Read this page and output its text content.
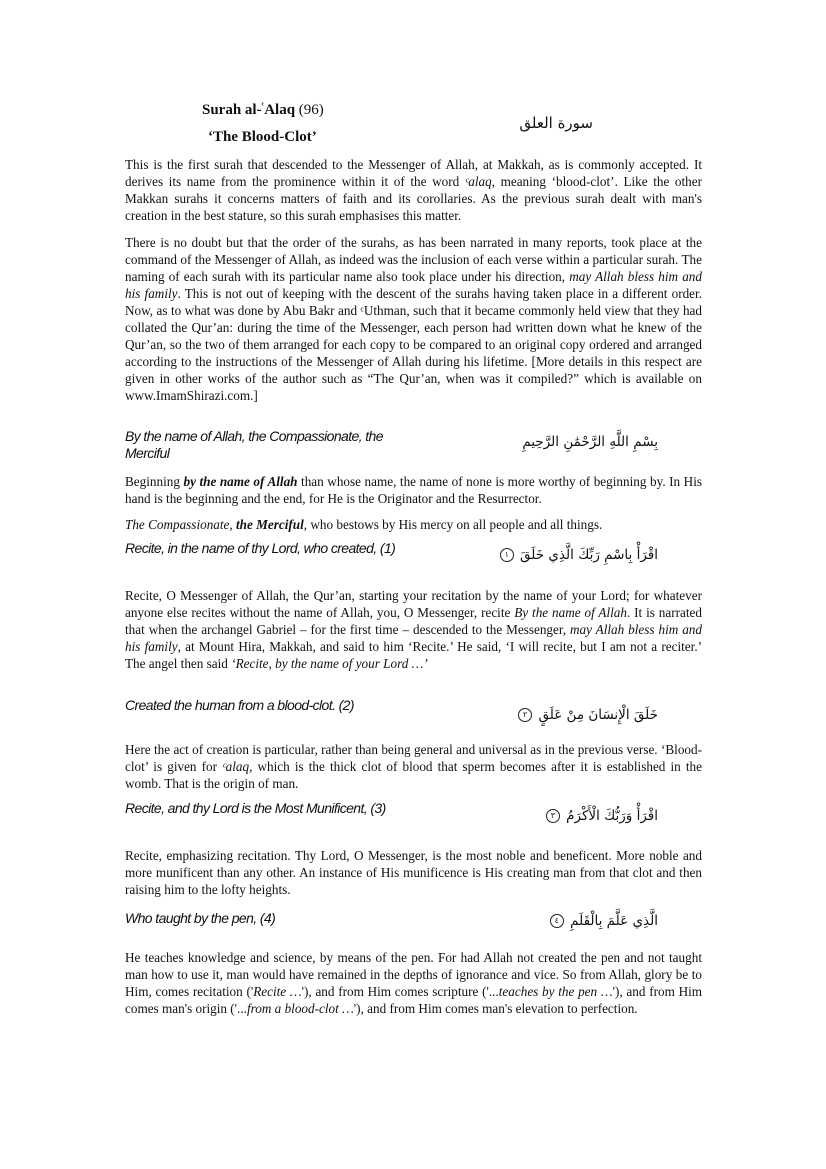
Surah al-$^ᶜ$Alaq (96)
‘The Blood-Clot’
سورة العلق
This is the first surah that descended to the Messenger of Allah, at Makkah, as is commonly accepted. It derives its name from the prominence within it of the word ᶜalaq, meaning ‘blood-clot’. Like the other Makkan surahs it concerns matters of faith and its corollaries. As the previous surah dealt with man's creation in the best stature, so this surah emphasises this matter.
There is no doubt but that the order of the surahs, as has been narrated in many reports, took place at the command of the Messenger of Allah, as indeed was the inclusion of each verse within a particular surah. The naming of each surah with its particular name also took place under his direction, may Allah bless him and his family. This is not out of keeping with the descent of the surahs having taken place in a different order. Now, as to what was done by Abu Bakr and ᶜUthman, such that it became commonly held view that they had collated the Qur’an: during the time of the Messenger, each person had written down what he knew of the Qur’an, so the two of them arranged for each copy to be compared to an original copy ordered and arranged according to the instructions of the Messenger of Allah during his lifetime. [More details in this respect are given in other works of the author such as “The Qur’an, when was it compiled?” which is available on www.ImamShirazi.com.]
By the name of Allah, the Compassionate, the Merciful
بِسْمِ اللَّهِ الرَّحْمَٰنِ الرَّحِيمِ
Beginning by the name of Allah than whose name, the name of none is more worthy of beginning by. In His hand is the beginning and the end, for He is the Originator and the Resurrector.
The Compassionate, the Merciful, who bestows by His mercy on all people and all things.
Recite, in the name of thy Lord, who created, (1)	اقْرَأْ بِاسْمِ رَبِّكَ الَّذِي خَلَقَ ١
Recite, O Messenger of Allah, the Qur’an, starting your recitation by the name of your Lord; for whatever anyone else recites without the name of Allah, you, O Messenger, recite By the name of Allah. It is narrated that when the archangel Gabriel – for the first time – descended to the Messenger, may Allah bless him and his family, at Mount Hira, Makkah, and said to him ‘Recite.’ He said, ‘I will recite, but I am not a reciter.’ The angel then said ‘Recite, by the name of your Lord …’
Created the human from a blood-clot. (2)
خَلَقَ الْإِنسَانَ مِنْ عَلَقٍ ٢
Here the act of creation is particular, rather than being general and universal as in the previous verse. ‘Blood-clot’ is given for ᶜalaq, which is the thick clot of blood that sperm becomes after it is established in the womb. That is the origin of man.
Recite, and thy Lord is the Most Munificent, (3)	اقْرَأْ وَرَبُّكَ الْأَكْرَمُ ٣
Recite, emphasizing recitation. Thy Lord, O Messenger, is the most noble and beneficent. More noble and more munificent than any other. An instance of His munificence is His creating man from that clot and then raising him to the lofty heights.
Who taught by the pen, (4)	الَّذِي عَلَّمَ بِالْقَلَمِ ٤
He teaches knowledge and science, by means of the pen. For had Allah not created the pen and not taught man how to use it, man would have remained in the depths of ignorance and vice. So from Allah, glory be to Him, comes recitation ('Recite …'), and from Him comes scripture ('...teaches by the pen …'), and from Him comes man's origin ('...from a blood-clot …'), and from Him comes man's elevation to perfection.
